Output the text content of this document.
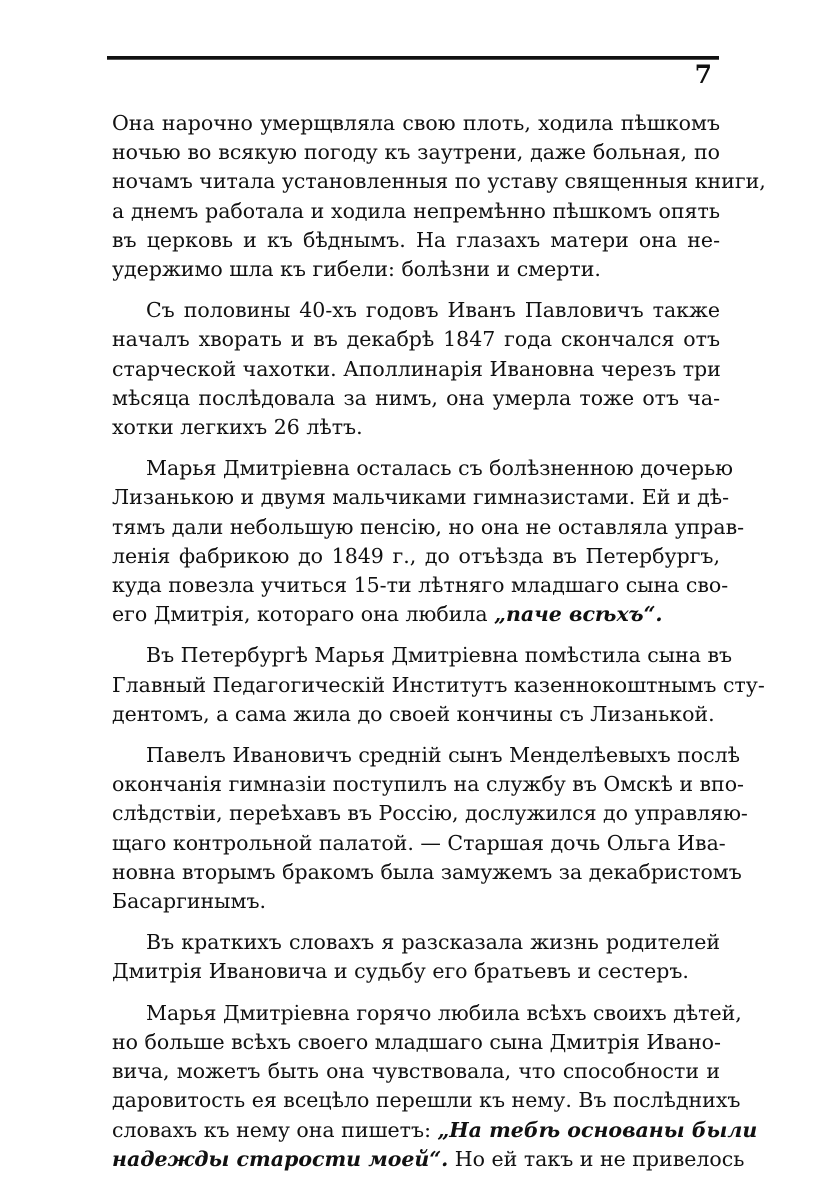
7

Она нарочно умерщвляла свою плоть, ходила пѣшкомъ
ночью во всякую погоду къ заутрени, даже больная, по
ночамъ читала установленныя по уставу священныя книги,
а днемъ работала и ходила непремѣнно пѣшкомъ опять
въ церковь и къ бѣднымъ. На глазахъ матери она не-
удержимо шла къ гибели: болѣзни и смерти.

Съ половины 40-хъ годовъ Иванъ Павловичъ также
началъ хворать и въ декабрѣ 1847 года скончался отъ
старческой чахотки. Аполлинарія Ивановна черезъ три
мѣсяца послѣдовала за нимъ, она умерла тоже отъ ча-
хотки легкихъ 26 лѣтъ.

Марья Дмитріевна осталась съ болѣзненною дочерью
Лизанькою и двумя мальчиками гимназистами. Ей и дѣ-
тямъ дали небольшую пенсію, но она не оставляла управ-
ленія фабрикою до 1849 г., до отъѣзда въ Петербургъ,
куда повезла учиться 15-ти лѣтняго младшаго сына сво-
его Дмитрія, котораго она любила „паче всѣхъ“.

Въ Петербургѣ Марья Дмитріевна помѣстила сына въ
Главный Педагогическій Институтъ казеннокоштнымъ сту-
дентомъ, а сама жила до своей кончины съ Лизанькой.

Павелъ Ивановичъ средній сынъ Менделѣевыхъ послѣ
окончанія гимназіи поступилъ на службу въ Омскѣ и впо-
слѣдствіи, переѣхавъ въ Россію, дослужился до управляю-
щаго контрольной палатой. — Старшая дочь Ольга Ива-
новна вторымъ бракомъ была замужемъ за декабристомъ
Басаргинымъ.

Въ краткихъ словахъ я разсказала жизнь родителей
Дмитрія Ивановича и судьбу его братьевъ и сестеръ.

Марья Дмитріевна горячо любила всѣхъ своихъ дѣтей,
но больше всѣхъ своего младшаго сына Дмитрія Ивано-
вича, можетъ быть она чувствовала, что способности и
даровитость ея всецѣло перешли къ нему. Въ послѣднихъ
словахъ къ нему она пишетъ: „На тебѣ основаны были
надежды старости моей“. Но ей такъ и не привелось
